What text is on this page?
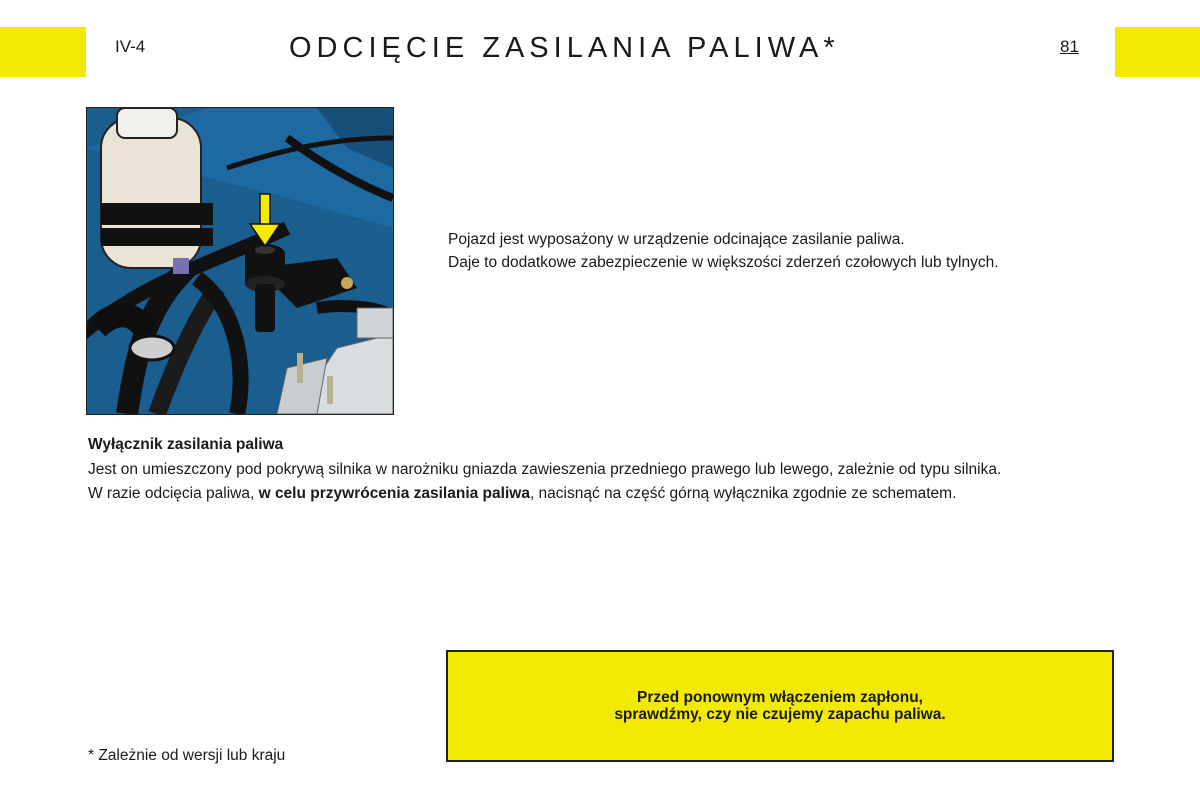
IV-4	ODCIĘCIE ZASILANIA PALIWA*	81

Pojazd jest wyposażony w urządzenie odcinające zasilanie paliwa.

Daje to dodatkowe zabezpieczenie w większości zderzeń czołowych lub tylnych.

Wyłącznik zasilania paliwa

Jest on umieszczony pod pokrywą silnika w narożniku gniazda zawieszenia przedniego prawego lub lewego, zależnie od typu silnika.

W razie odcięcia paliwa, w celu przywrócenia zasilania paliwa, nacisnąć na część górną wyłącznika zgodnie ze schematem.

Przed ponownym włączeniem zapłonu,
sprawdźmy, czy nie czujemy zapachu paliwa.
* Zależnie od wersji lub kraju
